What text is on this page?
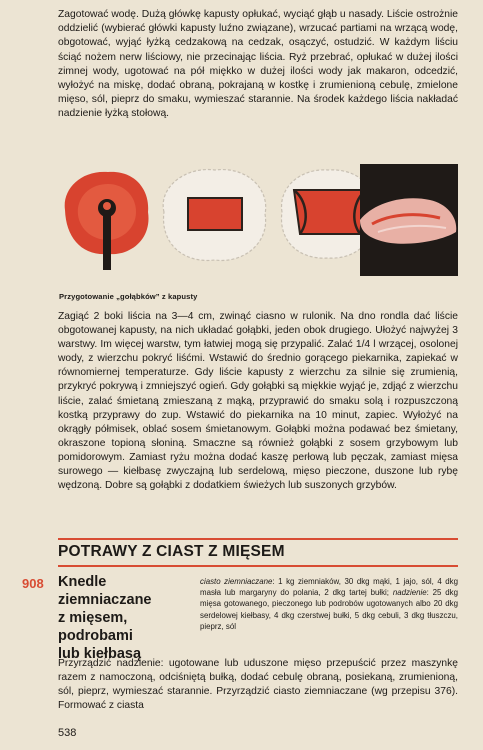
Zagotować wodę. Dużą główkę kapusty opłukać, wyciąć głąb u nasady. Liście ostrożnie oddzielić (wybierać główki kapusty luźno związane), wrzucać partiami na wrzącą wodę, obgotować, wyjąć łyżką cedzakową na cedzak, osączyć, ostudzić. W każdym liściu ściąć nożem nerw liściowy, nie przecinając liścia. Ryż przebrać, opłukać w dużej ilości zimnej wody, ugotować na pół miękko w dużej ilości wody jak makaron, odcedzić, wyłożyć na miskę, dodać obraną, pokrajaną w kostkę i zrumienioną cebulę, zmielone mięso, sól, pieprz do smaku, wymieszać starannie. Na środek każdego liścia nakładać nadzienie łyżką stołową.

Przygotowanie „gołąbków” z kapusty

Zagiąć 2 boki liścia na 3—4 cm, zwinąć ciasno w rulonik. Na dno rondla dać liście obgotowanej kapusty, na nich układać gołąbki, jeden obok drugiego. Ułożyć najwyżej 3 warstwy. Im więcej warstw, tym łatwiej mogą się przypalić. Zalać 1/4 l wrzącej, osolonej wody, z wierzchu pokryć liśćmi. Wstawić do średnio gorącego piekarnika, zapiekać w równomiernej temperaturze. Gdy liście kapusty z wierzchu za silnie się zrumienią, przykryć pokrywą i zmniejszyć ogień. Gdy gołąbki są miękkie wyjąć je, zdjąć z wierzchu liście, zalać śmietaną zmieszaną z mąką, przyprawić do smaku solą i rozpuszczoną kostką przyprawy do zup. Wstawić do piekarnika na 10 minut, zapiec. Wyłożyć na okrągły półmisek, oblać sosem śmietanowym. Gołąbki można podawać bez śmietany, okraszone topioną słoniną. Smaczne są również gołąbki z sosem grzybowym lub pomidorowym. Zamiast ryżu można dodać kaszę perłową lub pęczak, zamiast mięsa surowego — kiełbasę zwyczajną lub serdelową, mięso pieczone, duszone lub rybę wędzoną. Dobre są gołąbki z dodatkiem świeżych lub suszonych grzybów.

POTRAWY Z CIAST Z MIĘSEM
908 Knedle
ziemniaczane
z mięsem,
podrobami
lub kiełbasą

ciasto ziemniaczane: 1 kg ziemniaków, 30 dkg mąki, 1 jajo, sól, 4 dkg masła lub margaryny do polania, 2 dkg tartej bułki; nadzienie: 25 dkg mięsa gotowanego, pieczonego lub podrobów ugotowanych albo 20 dkg serdelowej kiełbasy, 4 dkg czerstwej bułki, 5 dkg cebuli, 3 dkg tłuszczu, pieprz, sól

Przyrządzić nadzienie: ugotowane lub uduszone mięso przepuścić przez maszynkę razem z namoczoną, odciśniętą bułką, dodać cebulę obraną, posiekaną, zrumienioną, sól, pieprz, wymieszać starannie. Przyrządzić ciasto ziemniaczane (wg przepisu 376). Formować z ciasta

538
